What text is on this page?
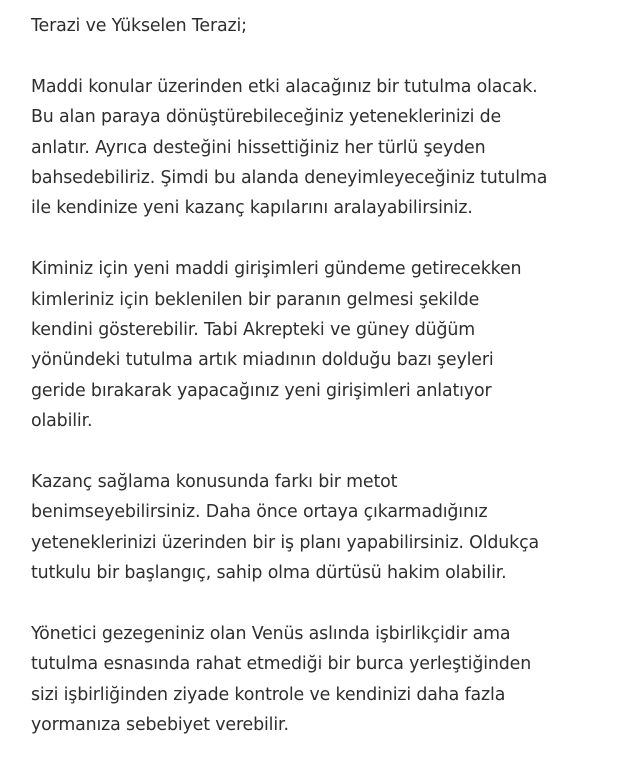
Terazi ve Yükselen Terazi;

Maddi konular üzerinden etki alacağınız bir tutulma olacak.
Bu alan paraya dönüştürebileceğiniz yeteneklerinizi de
anlatır. Ayrıca desteğini hissettiğiniz her türlü şeyden
bahsedebiliriz. Şimdi bu alanda deneyimleyeceğiniz tutulma
ile kendinize yeni kazanç kapılarını aralayabilirsiniz.

Kiminiz için yeni maddi girişimleri gündeme getirecekken
kimleriniz için beklenilen bir paranın gelmesi şekilde
kendini gösterebilir. Tabi Akrepteki ve güney düğüm
yönündeki tutulma artık miadının dolduğu bazı şeyleri
geride bırakarak yapacağınız yeni girişimleri anlatıyor
olabilir.

Kazanç sağlama konusunda farkı bir metot
benimseyebilirsiniz. Daha önce ortaya çıkarmadığınız
yeteneklerinizi üzerinden bir iş planı yapabilirsiniz. Oldukça
tutkulu bir başlangıç, sahip olma dürtüsü hakim olabilir.

Yönetici gezegeniniz olan Venüs aslında işbirlikçidir ama
tutulma esnasında rahat etmediği bir burca yerleştiğinden
sizi işbirliğinden ziyade kontrole ve kendinizi daha fazla
yormanıza sebebiyet verebilir.
